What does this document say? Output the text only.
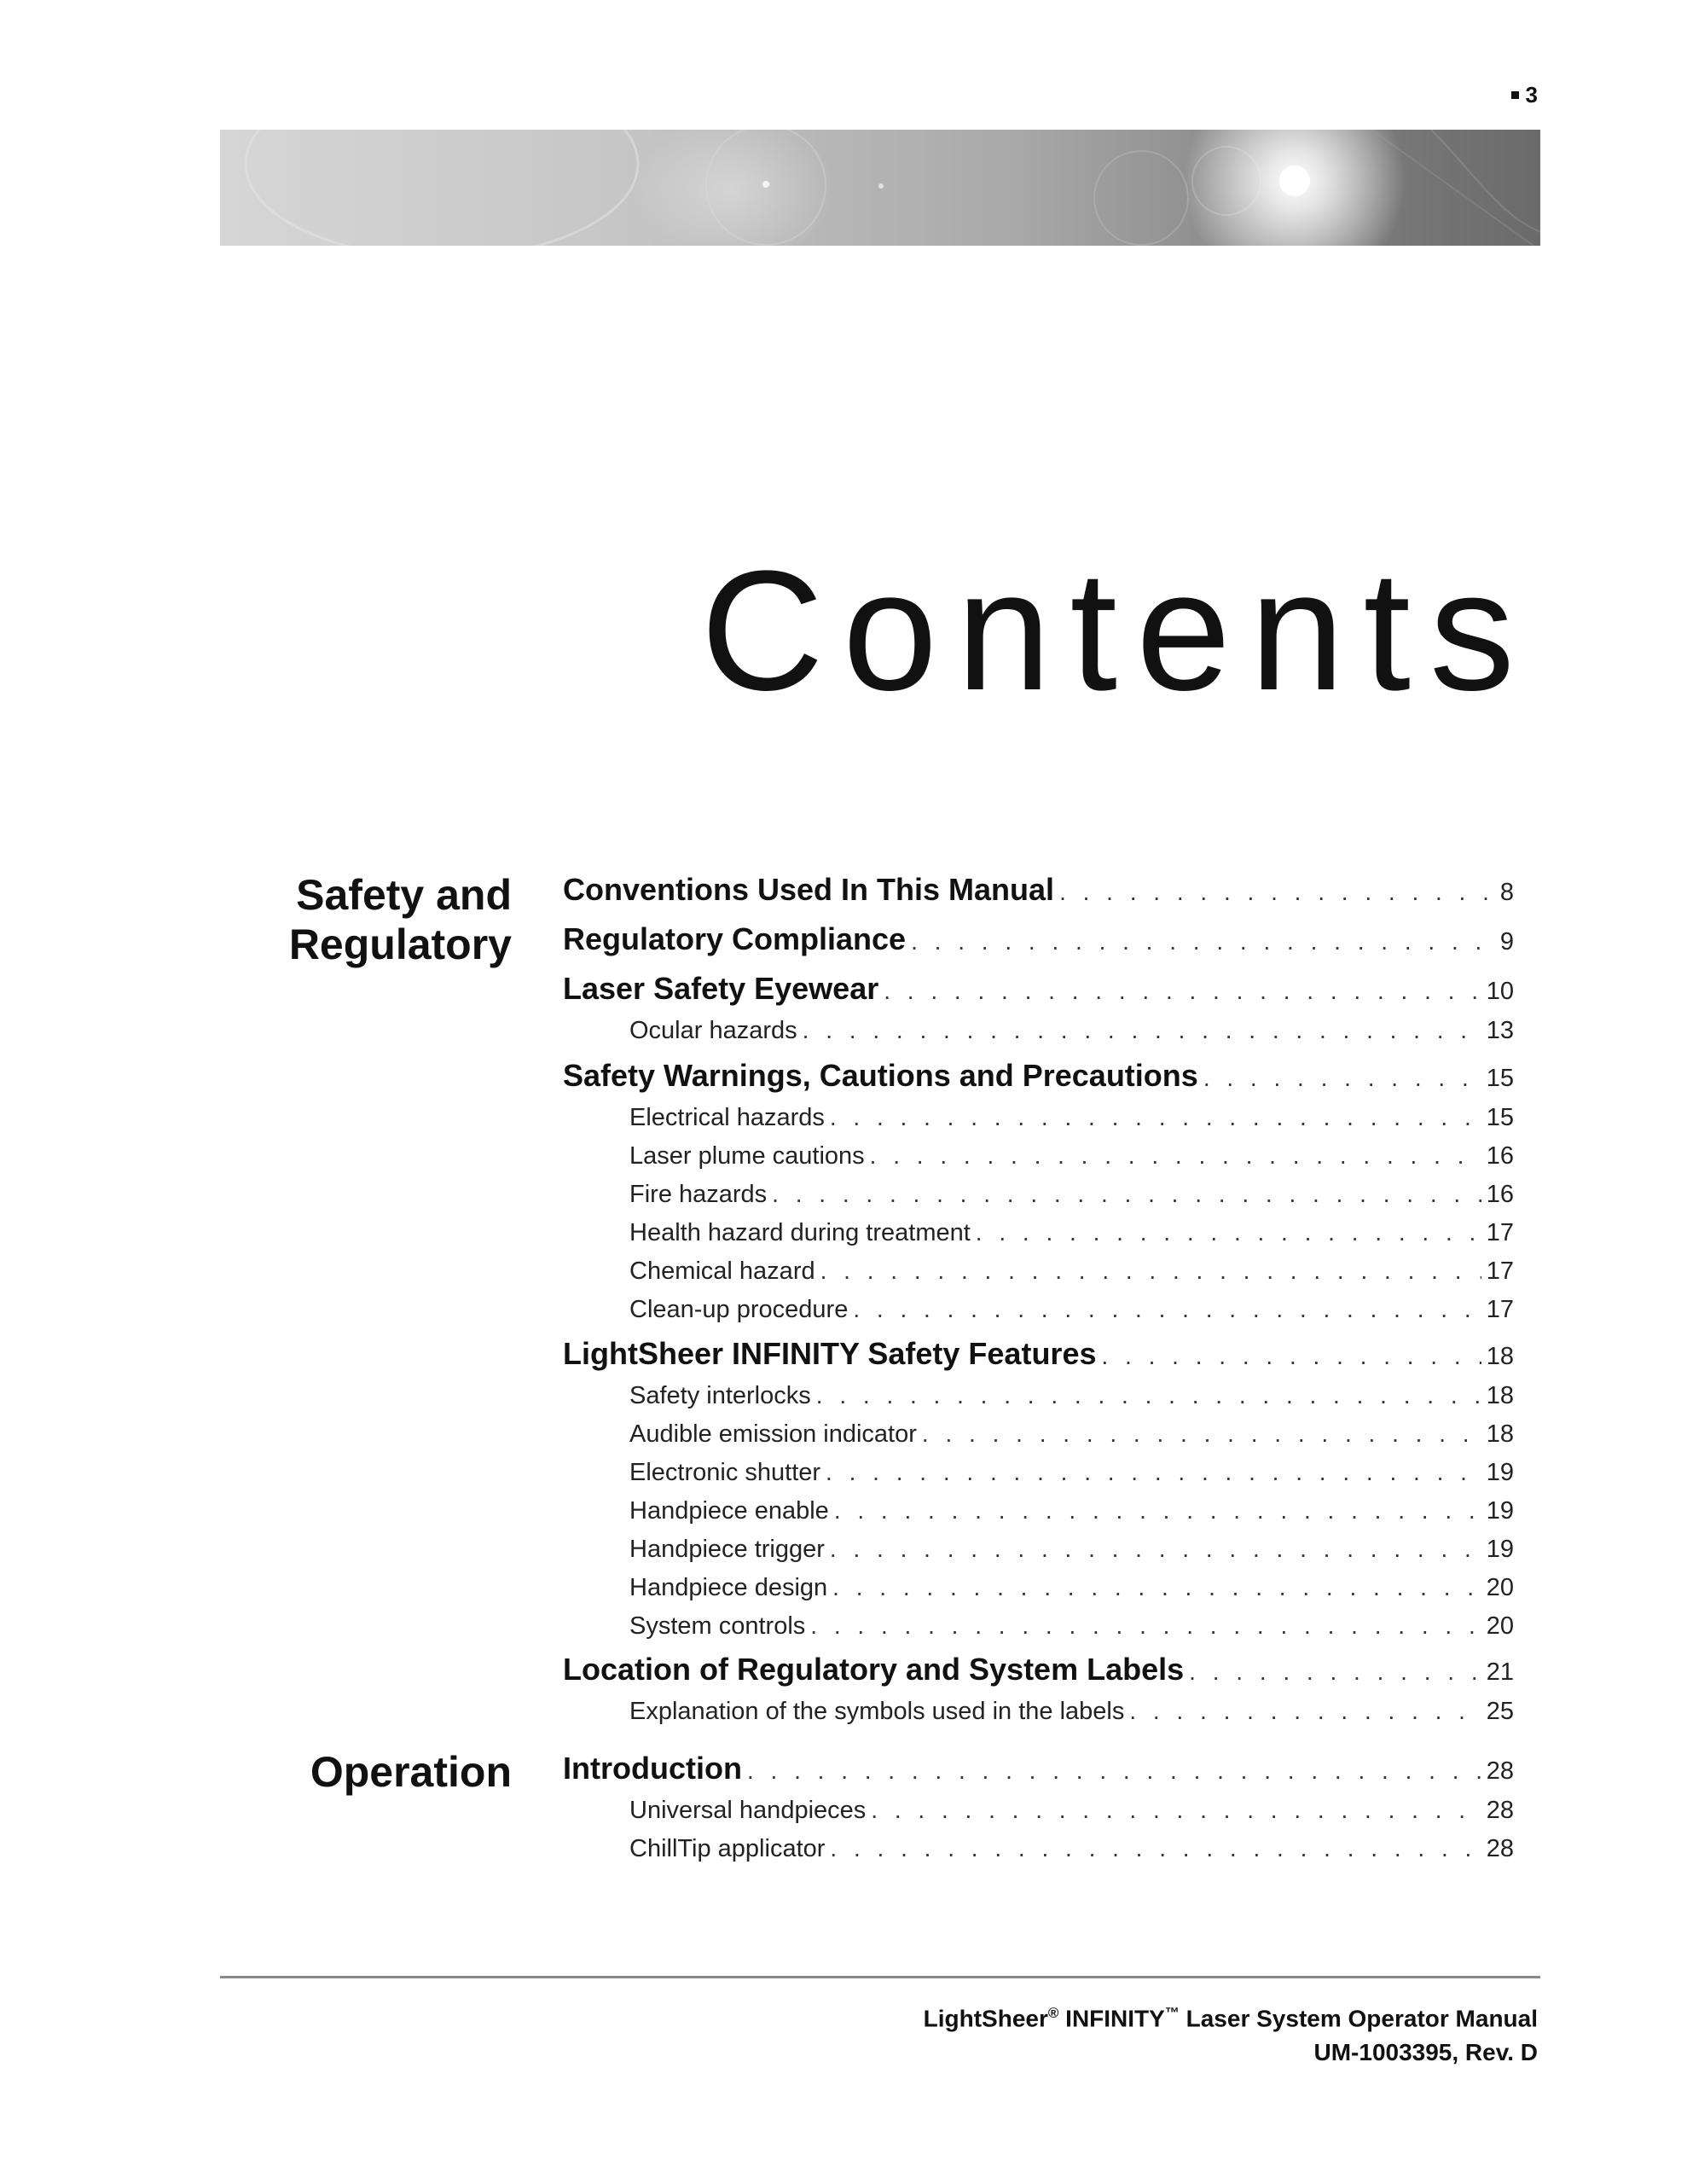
3
Contents
Safety and
Regulatory
Operation
Conventions Used In This Manual . . .	8
Regulatory Compliance . . .	9
Laser Safety Eyewear . . .	10
Ocular hazards . . .	13
Safety Warnings, Cautions and Precautions . . .	15
Electrical hazards . . .	15
Laser plume cautions . . .	16
Fire hazards . . .	16
Health hazard during treatment . . .	17
Chemical hazard . . .	17
Clean-up procedure . . .	17
LightSheer INFINITY Safety Features . . .	18
Safety interlocks . . .	18
Audible emission indicator . . .	18
Electronic shutter . . .	19
Handpiece enable . . .	19
Handpiece trigger . . .	19
Handpiece design . . .	20
System controls . . .	20
Location of Regulatory and System Labels . . .	21
Explanation of the symbols used in the labels . . .	25
Introduction . . .	28
Universal handpieces . . .	28
ChillTip applicator . . .	28
LightSheer® INFINITY™ Laser System Operator Manual
UM-1003395, Rev. D
